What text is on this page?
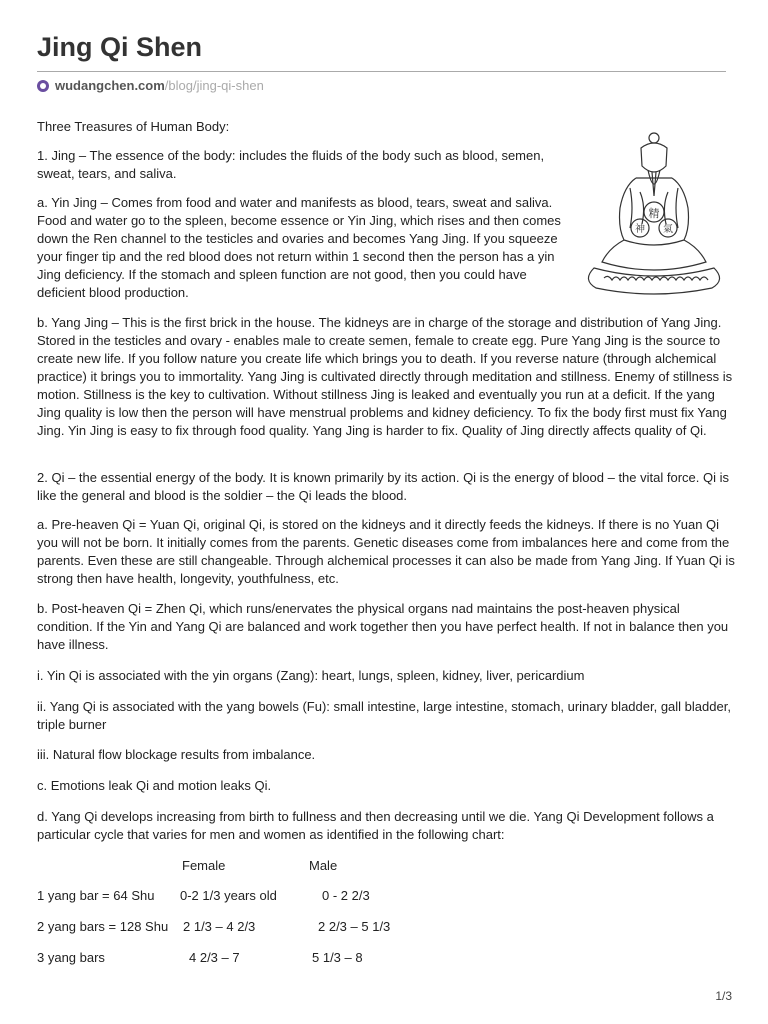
Jing Qi Shen
wudangchen.com /blog/jing-qi-shen

Three Treasures of Human Body:

1. Jing – The essence of the body: includes the fluids of the body such as blood, semen, sweat, tears, and saliva.

a. Yin Jing – Comes from food and water and manifests as blood, tears, sweat and saliva. Food and water go to the spleen, become essence or Yin Jing, which rises and then comes down the Ren channel to the testicles and ovaries and becomes Yang Jing. If you squeeze your finger tip and the red blood does not return within 1 second then the person has a yin Jing deficiency. If the stomach and spleen function are not good, then you could have deficient blood production.

精
神 氣

b. Yang Jing – This is the first brick in the house. The kidneys are in charge of the storage and distribution of Yang Jing. Stored in the testicles and ovary - enables male to create semen, female to create egg. Pure Yang Jing is the source to create new life. If you follow nature you create life which brings you to death. If you reverse nature (through alchemical practice) it brings you to immortality. Yang Jing is cultivated directly through meditation and stillness. Enemy of stillness is motion. Stillness is the key to cultivation. Without stillness Jing is leaked and eventually you run at a deficit. If the yang Jing quality is low then the person will have menstrual problems and kidney deficiency. To fix the body first must fix Yang Jing. Yin Jing is easy to fix through food quality. Yang Jing is harder to fix. Quality of Jing directly affects quality of Qi.

2. Qi – the essential energy of the body. It is known primarily by its action. Qi is the energy of blood – the vital force. Qi is like the general and blood is the soldier – the Qi leads the blood.

a. Pre-heaven Qi = Yuan Qi, original Qi, is stored on the kidneys and it directly feeds the kidneys. If there is no Yuan Qi you will not be born. It initially comes from the parents. Genetic diseases come from imbalances here and come from the parents. Even these are still changeable. Through alchemical processes it can also be made from Yang Jing. If Yuan Qi is strong then have health, longevity, youthfulness, etc.

b. Post-heaven Qi = Zhen Qi, which runs/enervates the physical organs nad maintains the post-heaven physical condition. If the Yin and Yang Qi are balanced and work together then you have perfect health. If not in balance then you have illness.

i. Yin Qi is associated with the yin organs (Zang): heart, lungs, spleen, kidney, liver, pericardium

ii. Yang Qi is associated with the yang bowels (Fu): small intestine, large intestine, stomach, urinary bladder, gall bladder, triple burner

iii. Natural flow blockage results from imbalance.

c. Emotions leak Qi and motion leaks Qi.

d. Yang Qi develops increasing from birth to fullness and then decreasing until we die. Yang Qi Development follows a particular cycle that varies for men and women as identified in the following chart:

Female	Male
1 yang bar = 64 Shu 0-2 1/3 years old	0 - 2 2/3
2 yang bars = 128 Shu 2 1/3 – 4 2/3	2 2/3 – 5 1/3
3 yang bars	4 2/3 – 7	5 1/3 – 8
1/3
